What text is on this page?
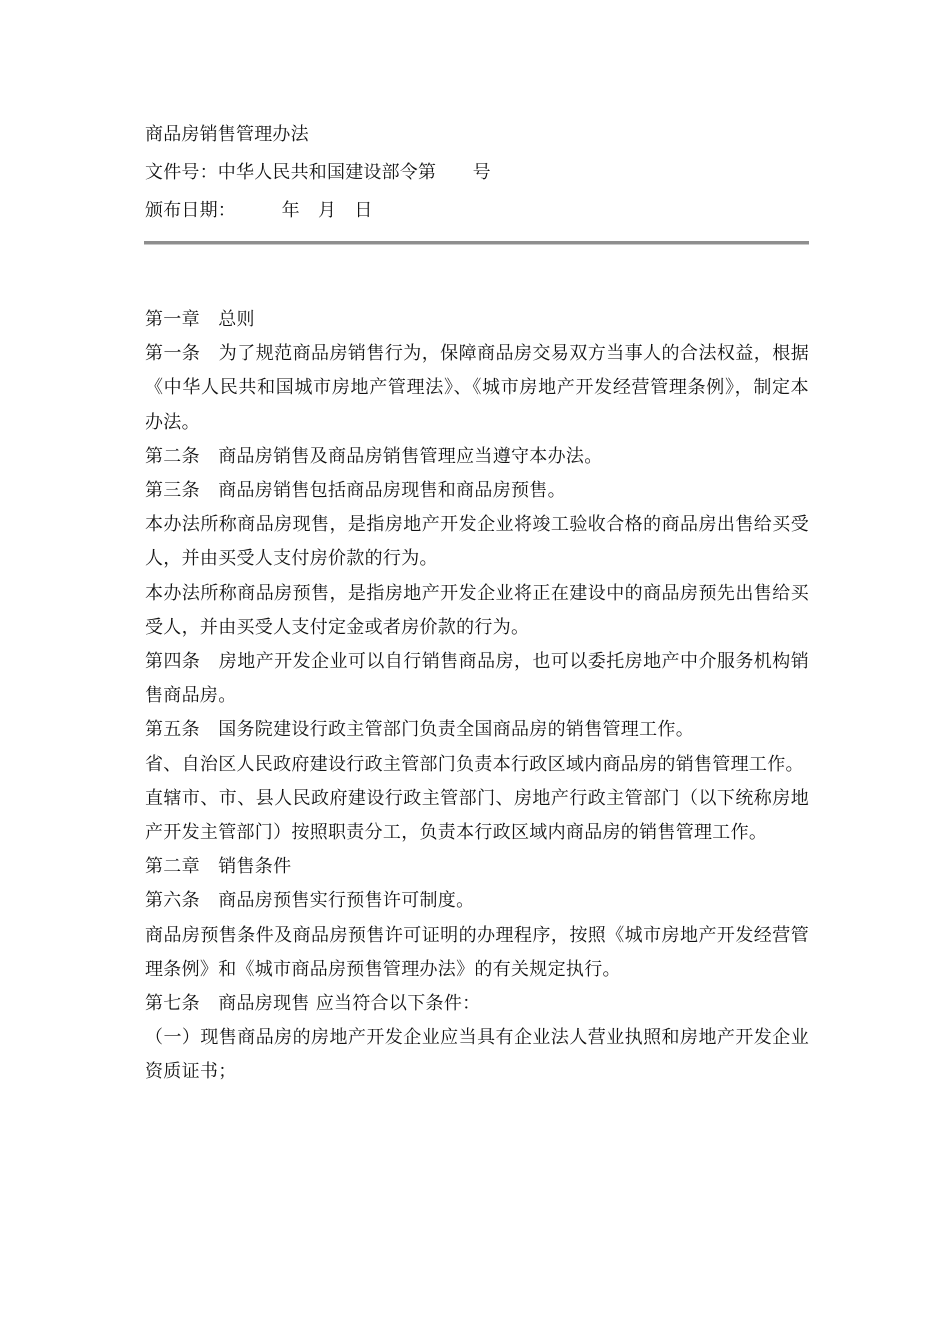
商品房销售管理办法
文件号：中华人民共和国建设部令第　　号
颁布日期：　　　年　月　日

第一章　总则

第一条　为了规范商品房销售行为，保障商品房交易双方当事人的合法权益，根据《中华人民共和国城市房地产管理法》、《城市房地产开发经营管理条例》，制定本办法。

第二条　商品房销售及商品房销售管理应当遵守本办法。

第三条　商品房销售包括商品房现售和商品房预售。

本办法所称商品房现售，是指房地产开发企业将竣工验收合格的商品房出售给买受人，并由买受人支付房价款的行为。

本办法所称商品房预售，是指房地产开发企业将正在建设中的商品房预先出售给买受人，并由买受人支付定金或者房价款的行为。

第四条　房地产开发企业可以自行销售商品房，也可以委托房地产中介服务机构销售商品房。

第五条　国务院建设行政主管部门负责全国商品房的销售管理工作。

省、自治区人民政府建设行政主管部门负责本行政区域内商品房的销售管理工作。

直辖市、市、县人民政府建设行政主管部门、房地产行政主管部门（以下统称房地产开发主管部门）按照职责分工，负责本行政区域内商品房的销售管理工作。

第二章　销售条件

第六条　商品房预售实行预售许可制度。

商品房预售条件及商品房预售许可证明的办理程序，按照《城市房地产开发经营管理条例》和《城市商品房预售管理办法》的有关规定执行。

第七条　商品房现售 应当符合以下条件：

（一）现售商品房的房地产开发企业应当具有企业法人营业执照和房地产开发企业资质证书；
